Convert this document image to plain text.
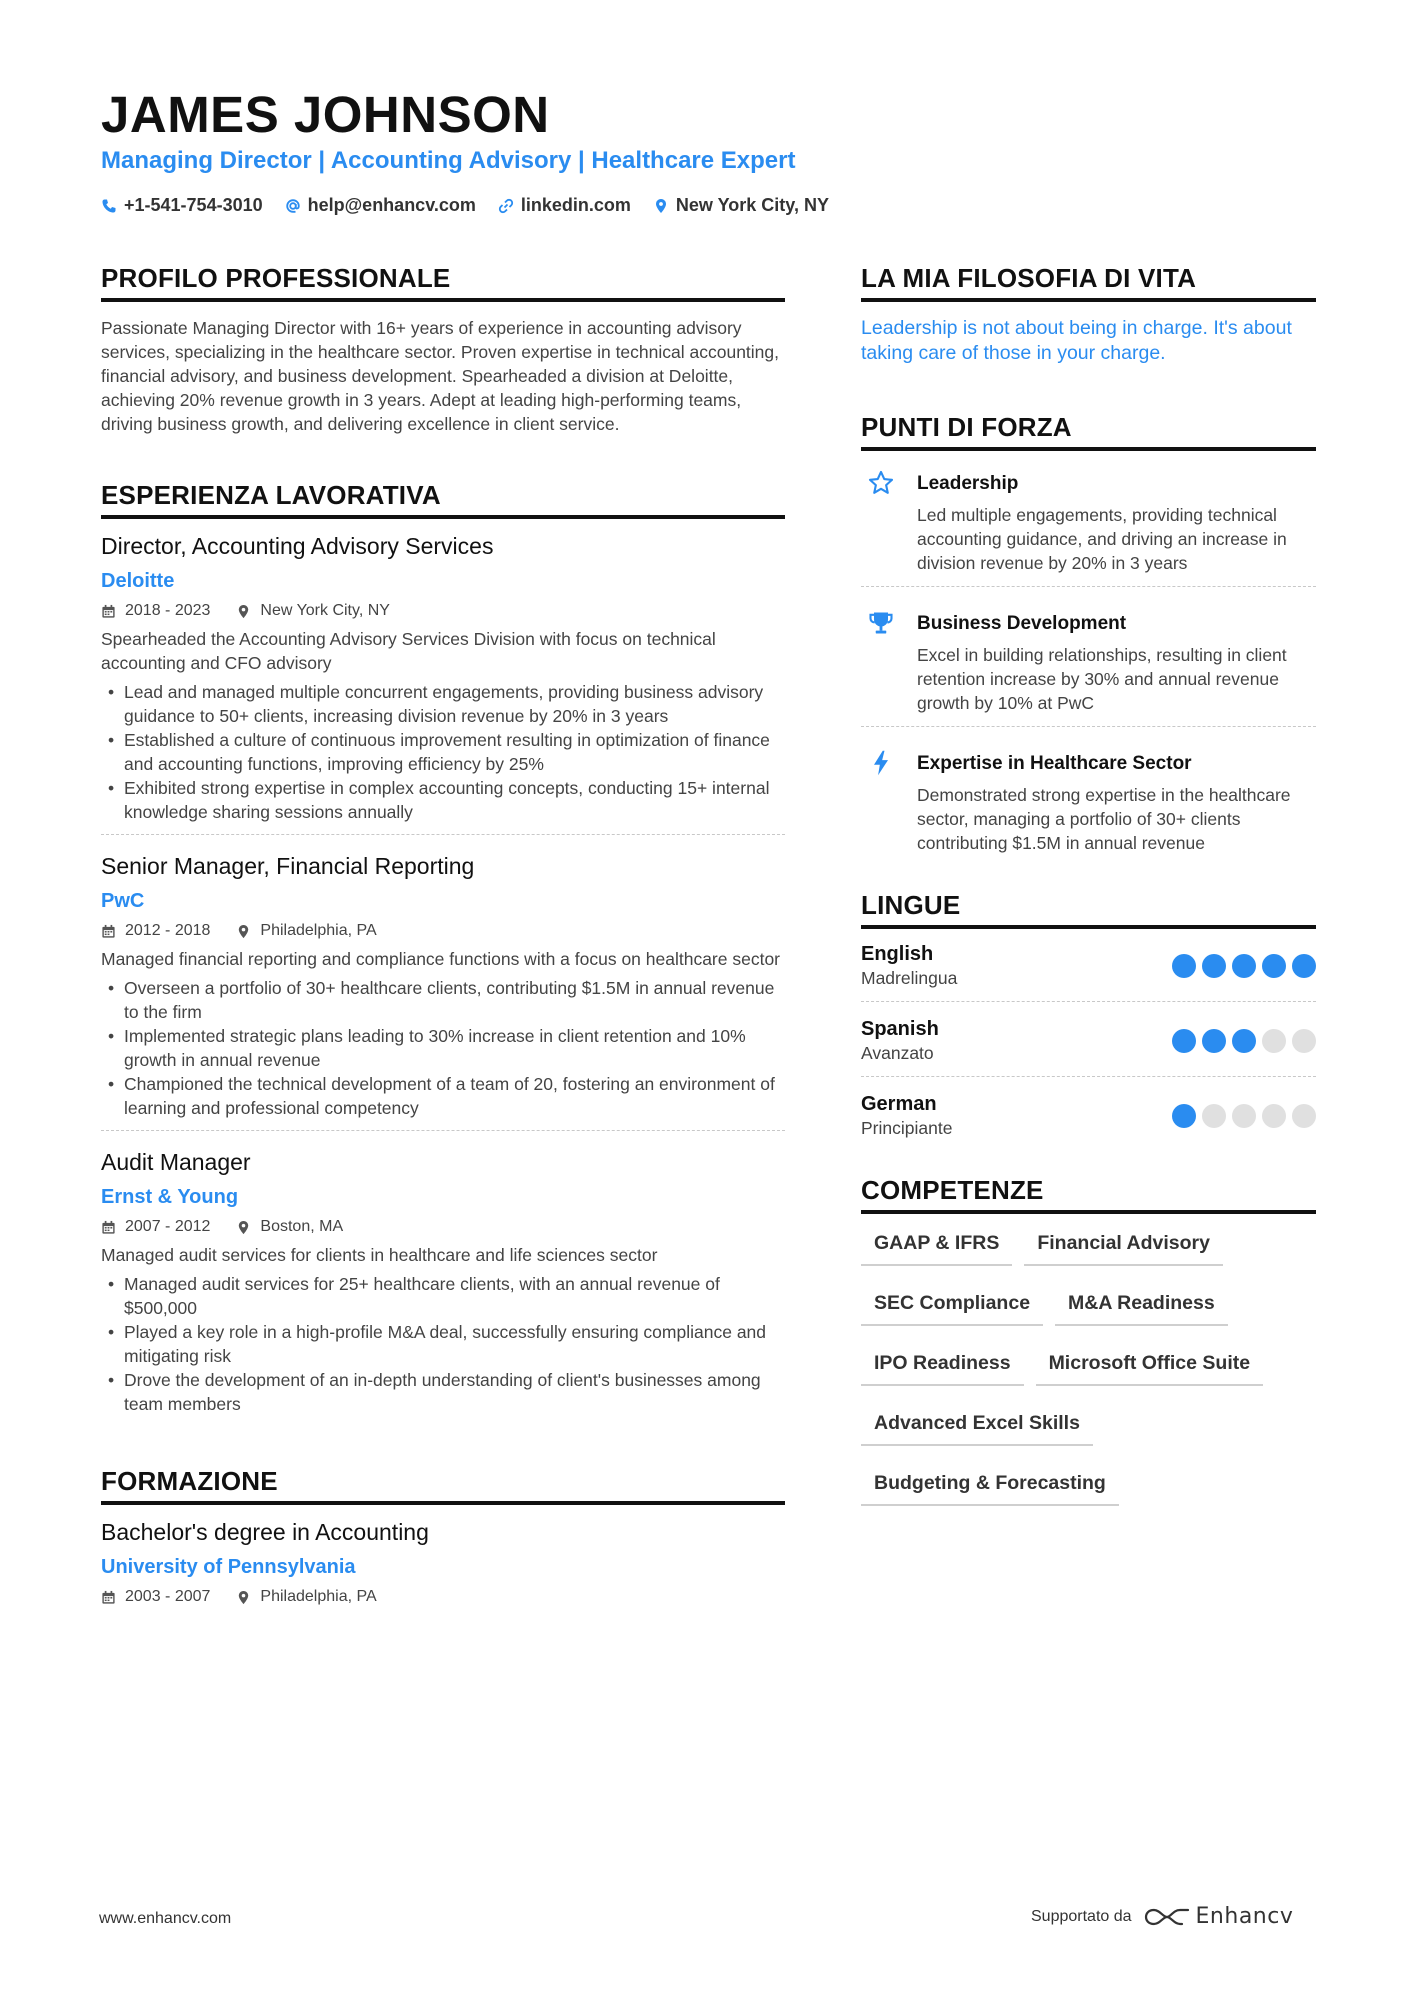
JAMES JOHNSON
Managing Director | Accounting Advisory | Healthcare Expert
+1-541-754-3010	help@enhancv.com	linkedin.com	New York City, NY
PROFILO PROFESSIONALE
Passionate Managing Director with 16+ years of experience in accounting advisory services, specializing in the healthcare sector. Proven expertise in technical accounting, financial advisory, and business development. Spearheaded a division at Deloitte, achieving 20% revenue growth in 3 years. Adept at leading high-performing teams, driving business growth, and delivering excellence in client service.
ESPERIENZA LAVORATIVA
Director, Accounting Advisory Services
Deloitte
2018 - 2023	New York City, NY
Spearheaded the Accounting Advisory Services Division with focus on technical accounting and CFO advisory
• Lead and managed multiple concurrent engagements, providing business advisory guidance to 50+ clients, increasing division revenue by 20% in 3 years
• Established a culture of continuous improvement resulting in optimization of finance and accounting functions, improving efficiency by 25%
• Exhibited strong expertise in complex accounting concepts, conducting 15+ internal knowledge sharing sessions annually
Senior Manager, Financial Reporting
PwC
2012 - 2018	Philadelphia, PA
Managed financial reporting and compliance functions with a focus on healthcare sector
• Overseen a portfolio of 30+ healthcare clients, contributing $1.5M in annual revenue to the firm
• Implemented strategic plans leading to 30% increase in client retention and 10% growth in annual revenue
• Championed the technical development of a team of 20, fostering an environment of learning and professional competency
Audit Manager
Ernst & Young
2007 - 2012	Boston, MA
Managed audit services for clients in healthcare and life sciences sector
• Managed audit services for 25+ healthcare clients, with an annual revenue of $500,000
• Played a key role in a high-profile M&A deal, successfully ensuring compliance and mitigating risk
• Drove the development of an in-depth understanding of client's businesses among team members
FORMAZIONE
Bachelor's degree in Accounting
University of Pennsylvania
2003 - 2007	Philadelphia, PA
LA MIA FILOSOFIA DI VITA
Leadership is not about being in charge. It's about taking care of those in your charge.
PUNTI DI FORZA
Leadership
Led multiple engagements, providing technical accounting guidance, and driving an increase in division revenue by 20% in 3 years
Business Development
Excel in building relationships, resulting in client retention increase by 30% and annual revenue growth by 10% at PwC
Expertise in Healthcare Sector
Demonstrated strong expertise in the healthcare sector, managing a portfolio of 30+ clients contributing $1.5M in annual revenue
LINGUE
English
Madrelingua
Spanish
Avanzato
German
Principiante
COMPETENZE
GAAP & IFRS	Financial Advisory
SEC Compliance	M&A Readiness
IPO Readiness	Microsoft Office Suite
Advanced Excel Skills
Budgeting & Forecasting
www.enhancv.com	Supportato da	Enhancv
